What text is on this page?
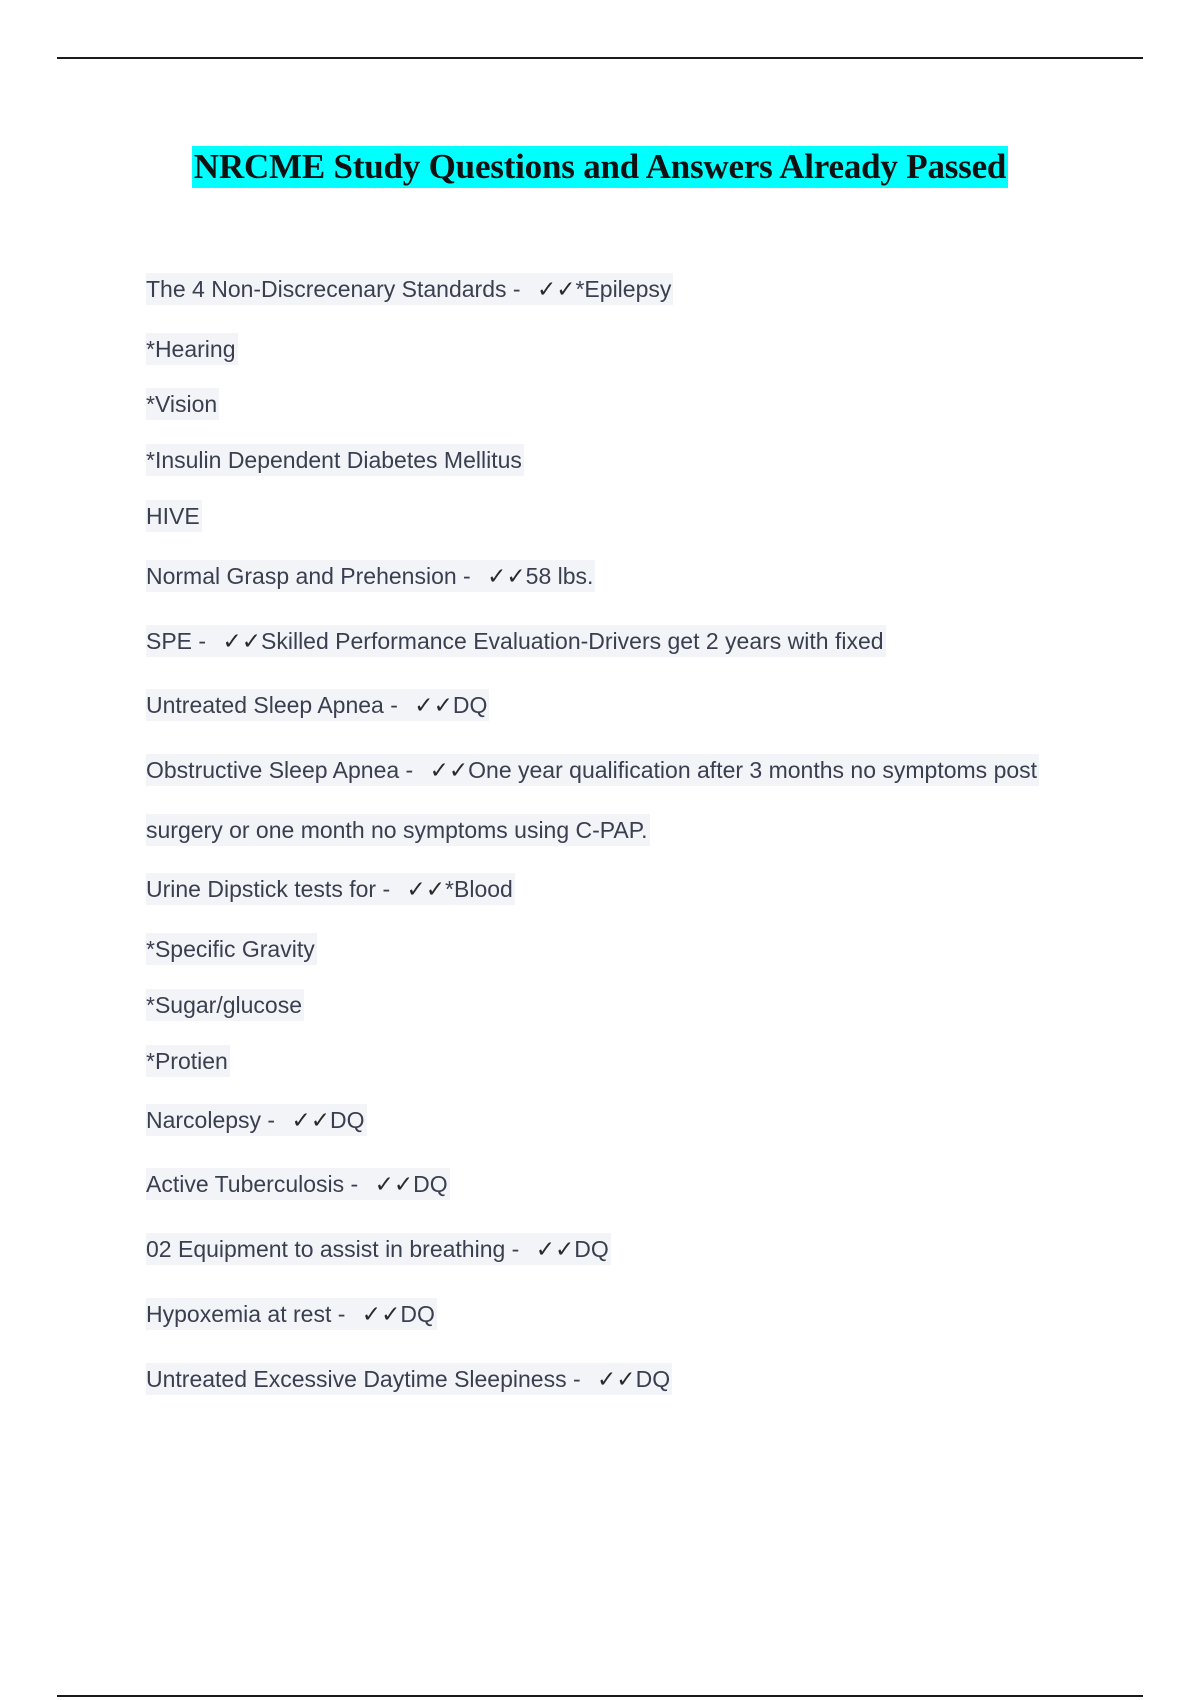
NRCME Study Questions and Answers Already Passed
The 4 Non-Discrecenary Standards - ✓✓*Epilepsy
*Hearing
*Vision
*Insulin Dependent Diabetes Mellitus
HIVE
Normal Grasp and Prehension - ✓✓58 lbs.
SPE - ✓✓Skilled Performance Evaluation-Drivers get 2 years with fixed
Untreated Sleep Apnea - ✓✓DQ
Obstructive Sleep Apnea - ✓✓One year qualification after 3 months no symptoms post
surgery or one month no symptoms using C-PAP.
Urine Dipstick tests for - ✓✓*Blood
*Specific Gravity
*Sugar/glucose
*Protien
Narcolepsy - ✓✓DQ
Active Tuberculosis - ✓✓DQ
02 Equipment to assist in breathing - ✓✓DQ
Hypoxemia at rest - ✓✓DQ
Untreated Excessive Daytime Sleepiness - ✓✓DQ
